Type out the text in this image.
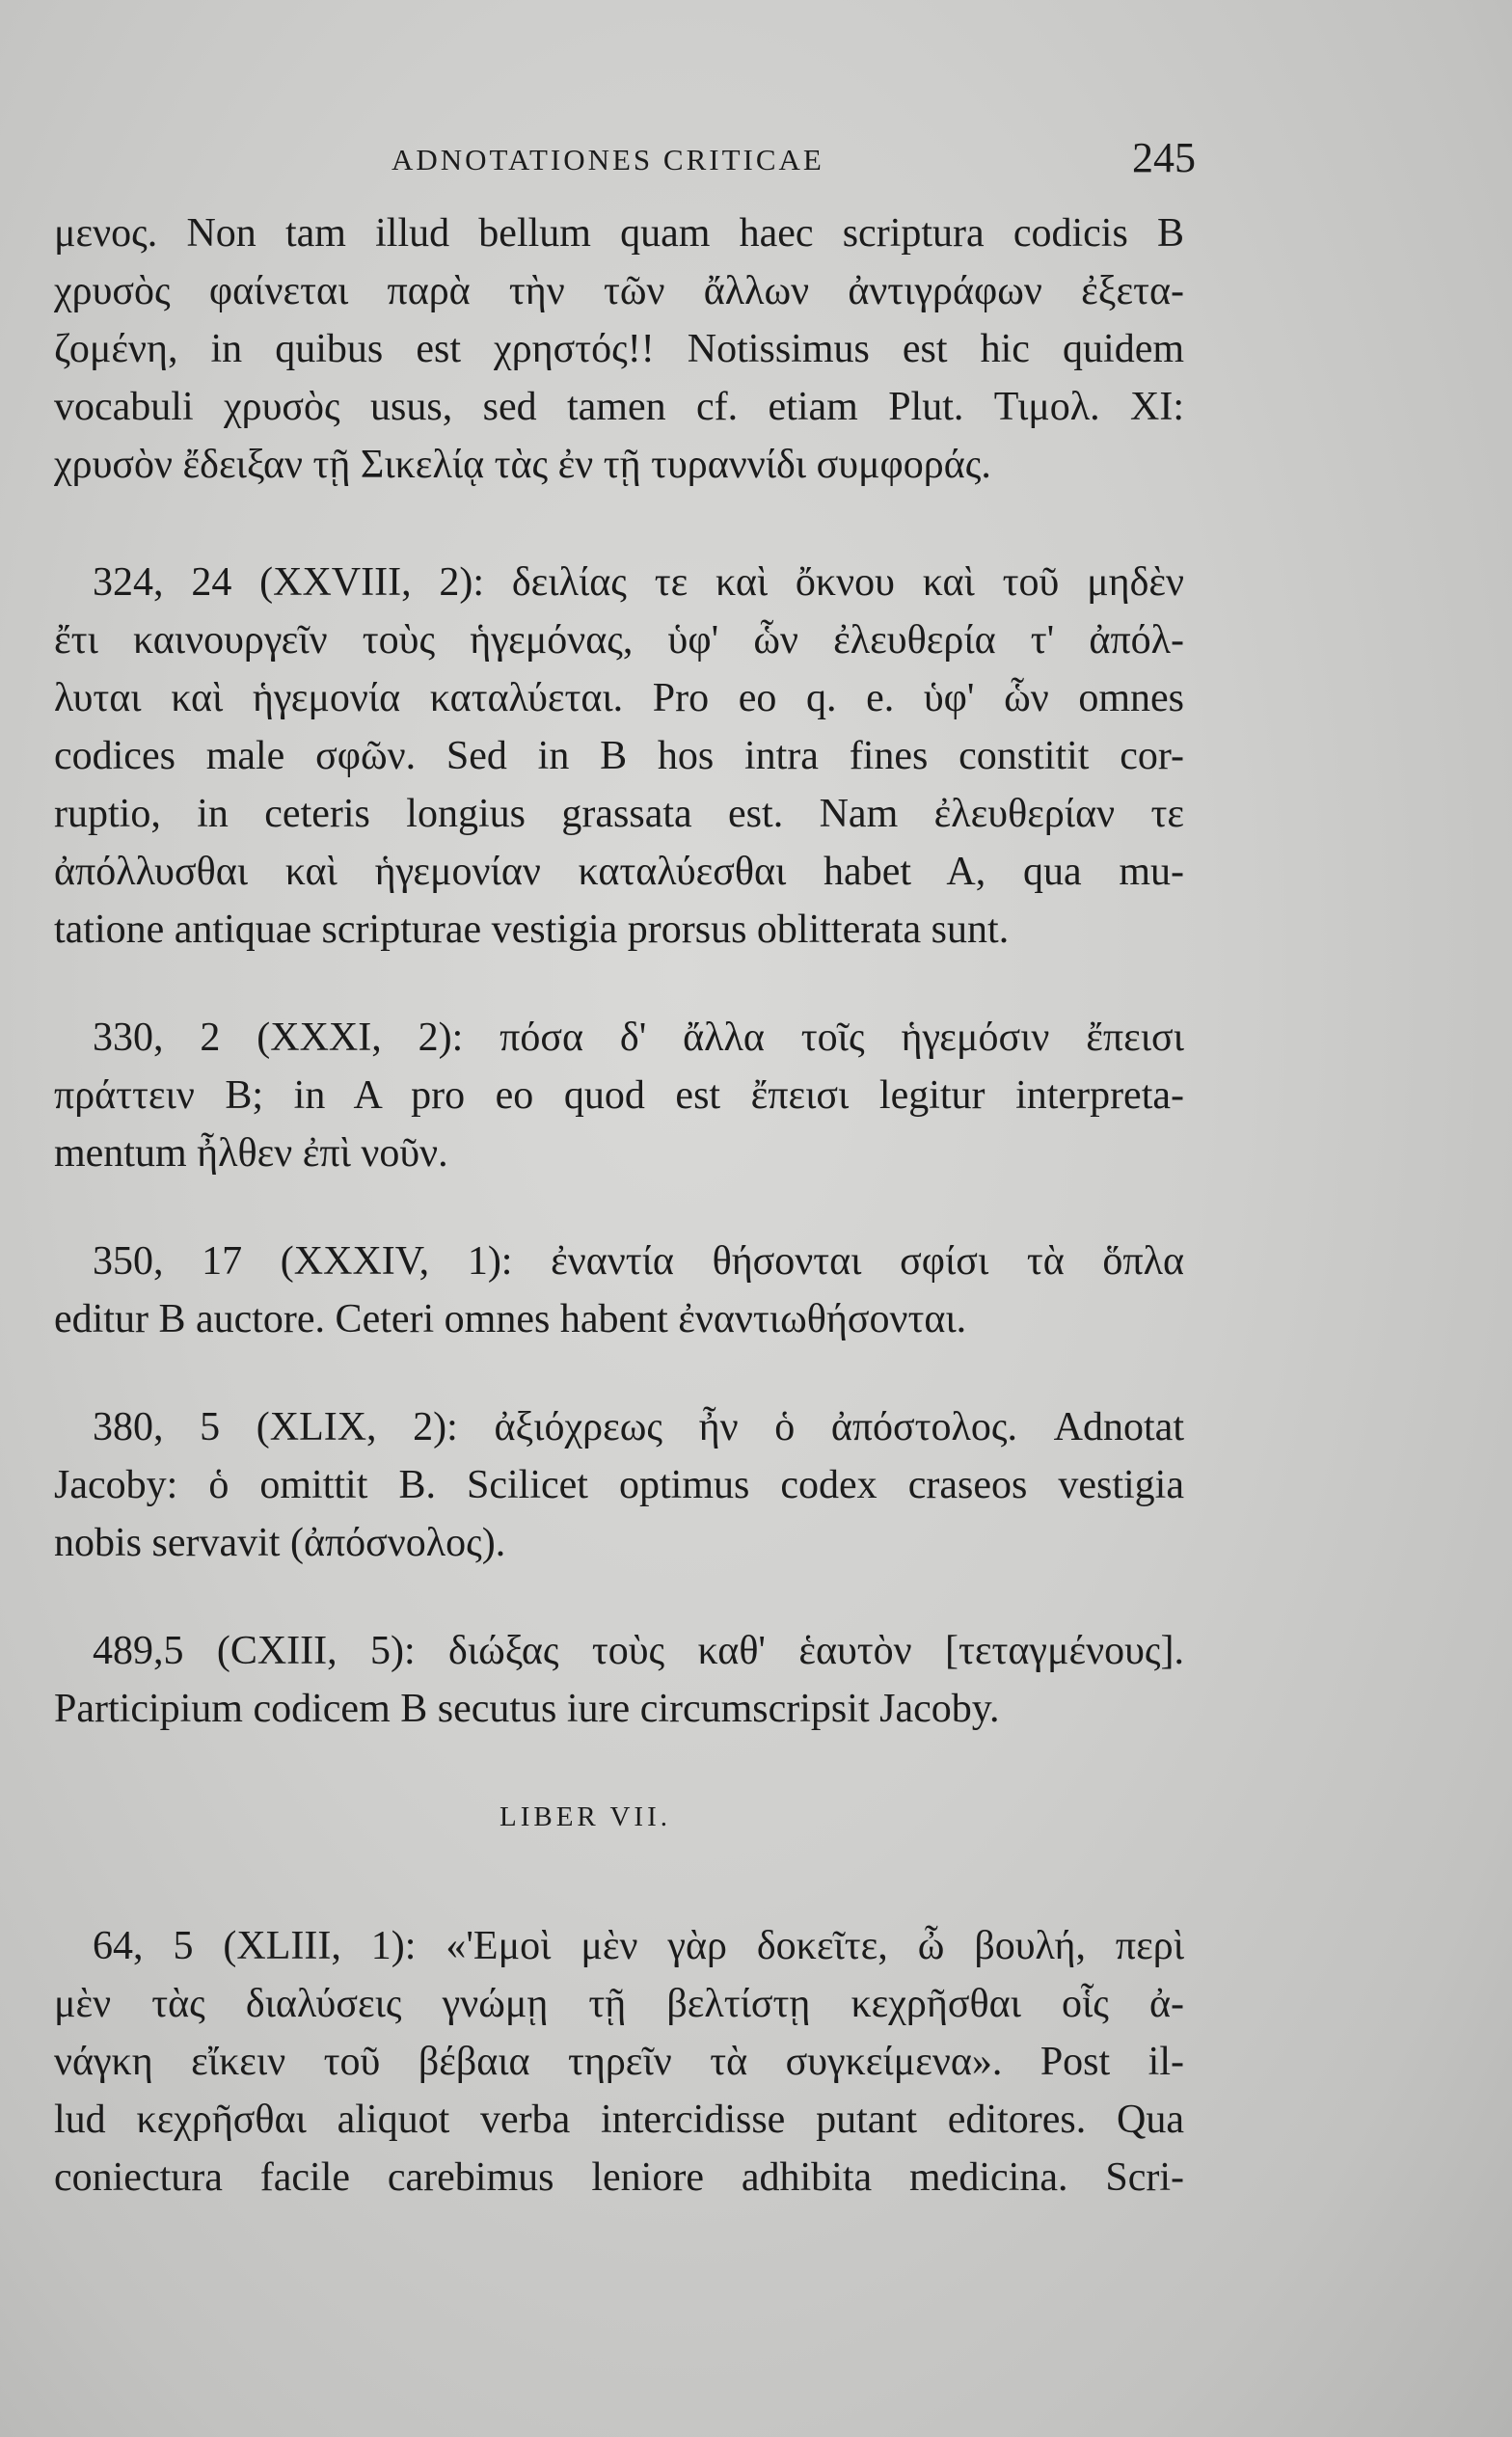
ADNOTATIONES CRITICAE	245
μενος. Non tam illud bellum quam haec scriptura codicis B
χρυσὸς φαίνεται παρὰ τὴν τῶν ἄλλων ἀντιγράφων ἐξετα-
ζομένη, in quibus est χρηστός!! Notissimus est hic quidem
vocabuli χρυσὸς usus, sed tamen cf. etiam Plut. Τιμολ. XI:
χρυσὸν ἔδειξαν τῇ Σικελίᾳ τὰς ἐν τῇ τυραννίδι συμφοράς.
324, 24 (XXVIII, 2): δειλίας τε καὶ ὄκνου καὶ τοῦ μηδὲν
ἔτι καινουργεῖν τοὺς ἡγεμόνας, ὑφ' ὧν ἐλευθερία τ' ἀπόλ-
λυται καὶ ἡγεμονία καταλύεται. Pro eo q. e. ὑφ' ὧν omnes
codices male σφῶν. Sed in B hos intra fines constitit cor-
ruptio, in ceteris longius grassata est. Nam ἐλευθερίαν τε
ἀπόλλυσθαι καὶ ἡγεμονίαν καταλύεσθαι habet A, qua mu-
tatione antiquae scripturae vestigia prorsus oblitterata sunt.
330, 2 (XXXI, 2): πόσα δ' ἄλλα τοῖς ἡγεμόσιν ἔπεισι
πράττειν B; in A pro eo quod est ἔπεισι legitur interpreta-
mentum ἦλθεν ἐπὶ νοῦν.
350, 17 (XXXIV, 1): ἐναντία θήσονται σφίσι τὰ ὅπλα
editur B auctore. Ceteri omnes habent ἐναντιωθήσονται.
380, 5 (XLIX, 2): ἀξιόχρεως ἦν ὁ ἀπόστολος. Adnotat
Jacoby: ὁ omittit B. Scilicet optimus codex craseos vestigia
nobis servavit (ἀπόσνολος).
489,5 (CXIII, 5): διώξας τοὺς καθ' ἑαυτὸν [τεταγμένους].
Participium codicem B secutus iure circumscripsit Jacoby.
LIBER VII.
64, 5 (XLIII, 1): «'Εμοὶ μὲν γὰρ δοκεῖτε, ὦ βουλή, περὶ
μὲν τὰς διαλύσεις γνώμῃ τῇ βελτίστῃ κεχρῆσθαι οἷς ἀ-
νάγκη εἴκειν τοῦ βέβαια τηρεῖν τὰ συγκείμενα». Post il-
lud κεχρῆσθαι aliquot verba intercidisse putant editores. Qua
coniectura facile carebimus leniore adhibita medicina. Scri-
